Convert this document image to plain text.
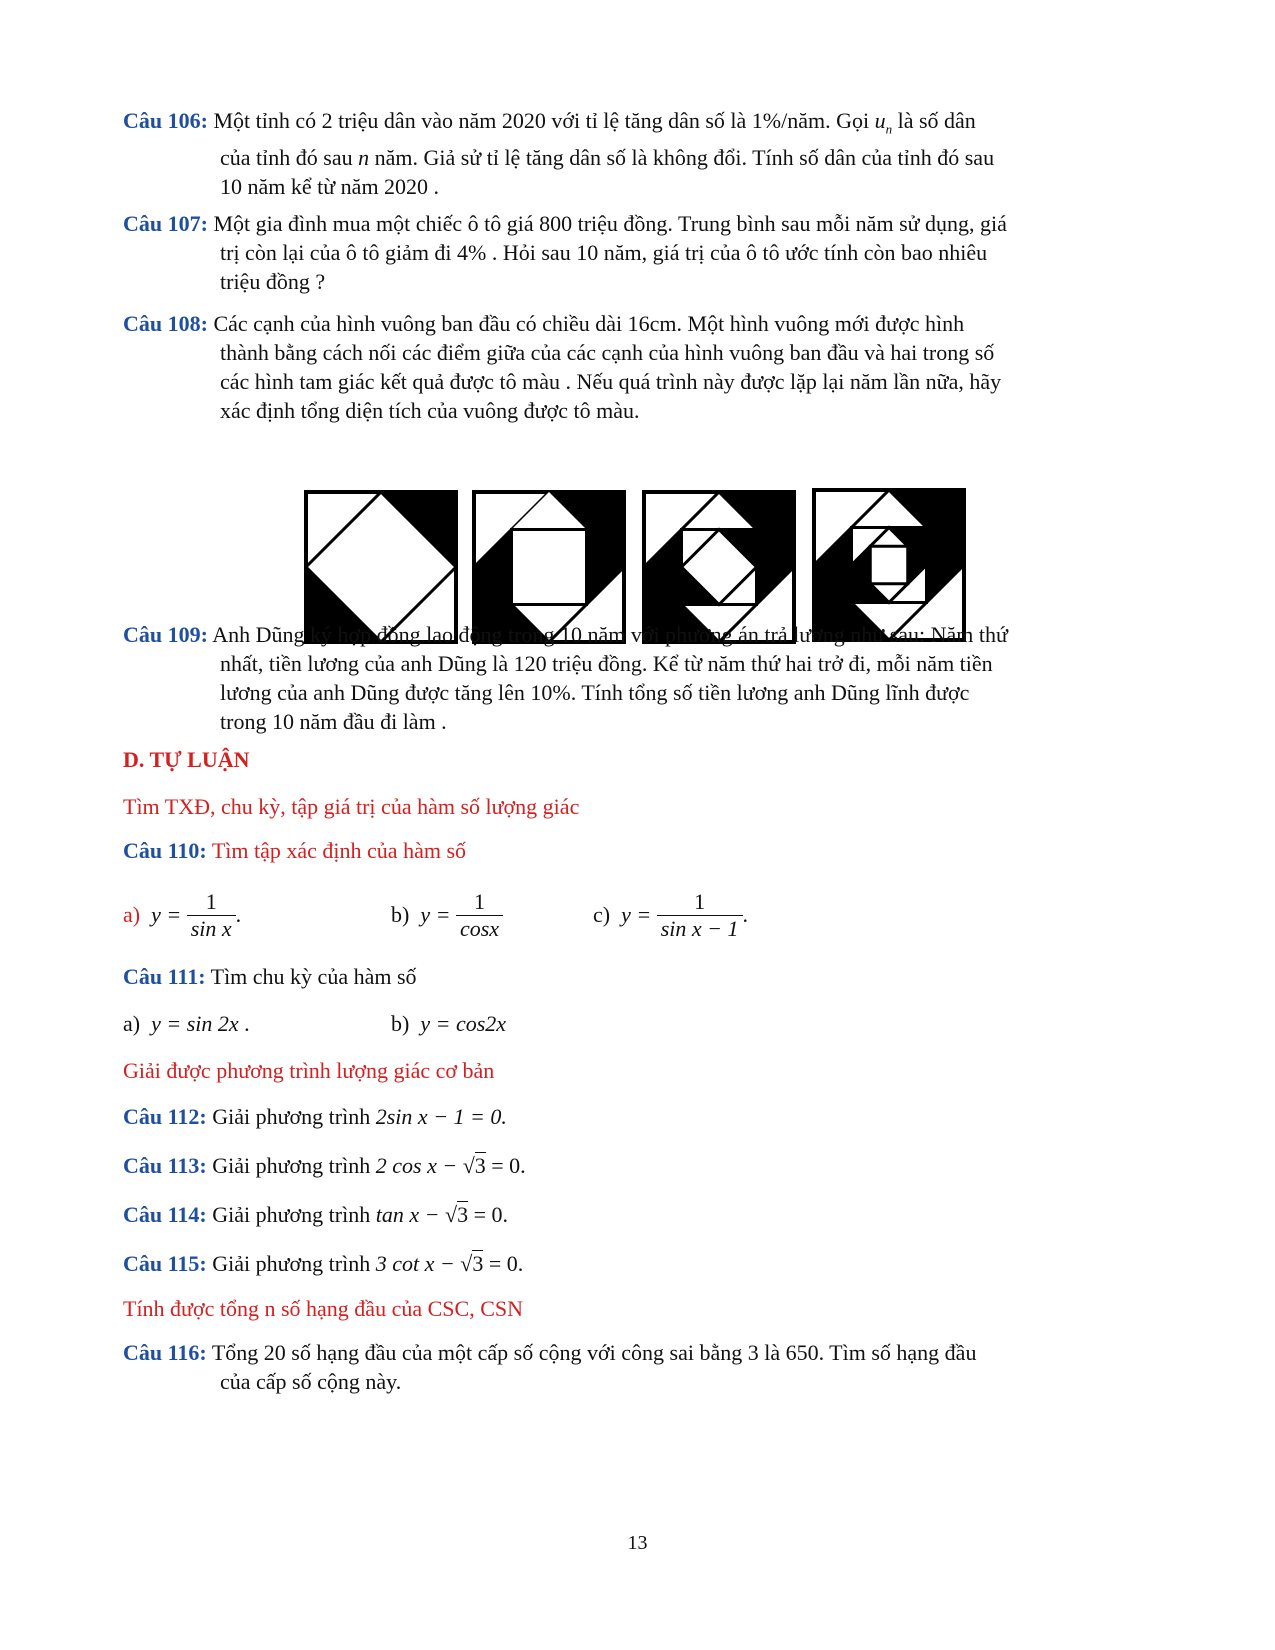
Câu 106: Một tỉnh có 2 triệu dân vào năm 2020 với tỉ lệ tăng dân số là 1%/năm. Gọi $u_n$ là số dân
của tỉnh đó sau n năm. Giả sử tỉ lệ tăng dân số là không đổi. Tính số dân của tỉnh đó sau
10 năm kể từ năm 2020 .
Câu 107: Một gia đình mua một chiếc ô tô giá 800 triệu đồng. Trung bình sau mỗi năm sử dụng, giá
trị còn lại của ô tô giảm đi 4% . Hỏi sau 10 năm, giá trị của ô tô ước tính còn bao nhiêu
triệu đồng ?
Câu 108: Các cạnh của hình vuông ban đầu có chiều dài 16cm. Một hình vuông mới được hình
thành bằng cách nối các điểm giữa của các cạnh của hình vuông ban đầu và hai trong số
các hình tam giác kết quả được tô màu . Nếu quá trình này được lặp lại năm lần nữa, hãy
xác định tổng diện tích của vuông được tô màu.
Câu 109: Anh Dũng ký hợp đồng lao động trong 10 năm với phương án trả lương như sau: Năm thứ
nhất, tiền lương của anh Dũng là 120 triệu đồng. Kể từ năm thứ hai trở đi, mỗi năm tiền
lương của anh Dũng được tăng lên 10%. Tính tổng số tiền lương anh Dũng lĩnh được
trong 10 năm đầu đi làm .
D. TỰ LUẬN
Tìm TXĐ, chu kỳ, tập giá trị của hàm số lượng giác
Câu 110: Tìm tập xác định của hàm số
a)
y =
$\frac{1}{\text{sin x}}$ .	b)
y =
$\frac{1}{\cos x}$	c)
y =
$\frac{1}{\text{sin x − 1}}$ .
Câu 111: Tìm chu kỳ của hàm số
a) y = sin 2x .	b) y = cos2x
Giải được phương trình lượng giác cơ bản
Câu 112: Giải phương trình 2sin x − 1 = 0.
Câu 113: Giải phương trình 2 cos x − √3 = 0.
Câu 114: Giải phương trình tan x − √3 = 0.
Câu 115: Giải phương trình 3 cot x − √3 = 0.
Tính được tổng n số hạng đầu của CSC, CSN
Câu 116: Tổng 20 số hạng đầu của một cấp số cộng với công sai bằng 3 là 650. Tìm số hạng đầu
của cấp số cộng này.
13
